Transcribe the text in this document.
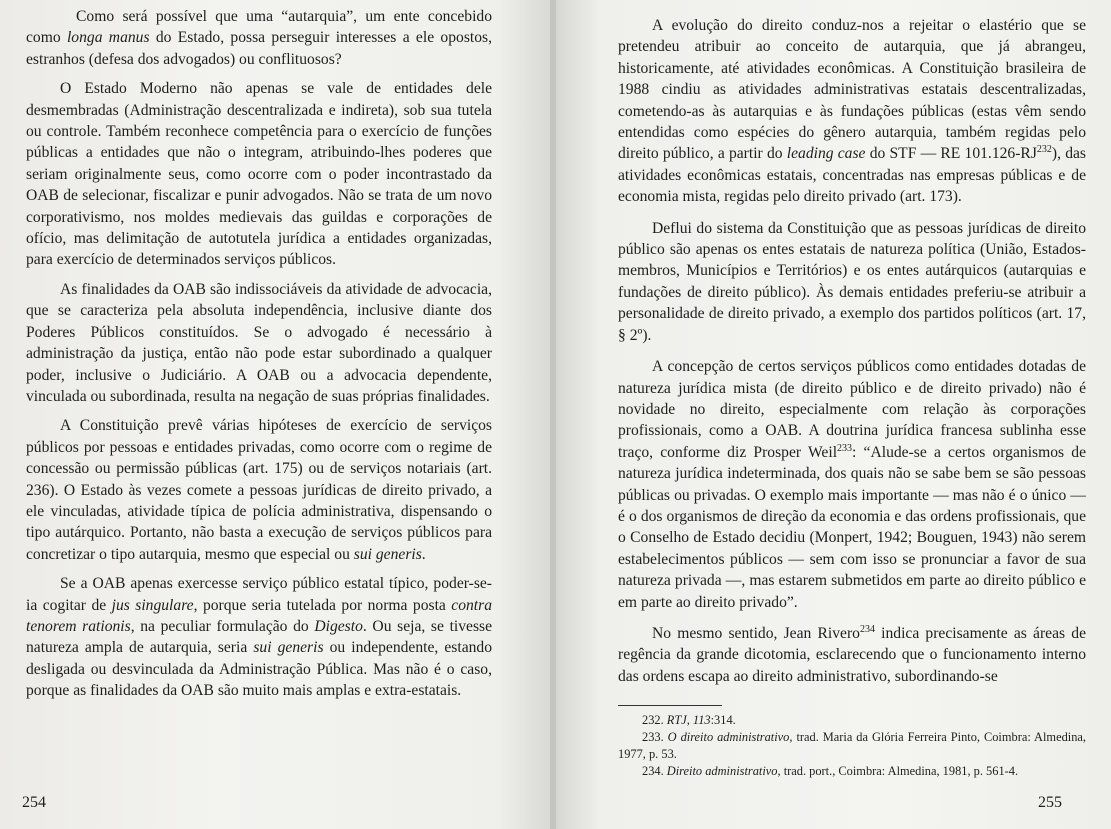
Como será possível que uma “autarquia”, um ente concebido como longa manus do Estado, possa perseguir interesses a ele opostos, estranhos (defesa dos advogados) ou conflituosos?

O Estado Moderno não apenas se vale de entidades dele desmembradas (Administração descentralizada e indireta), sob sua tutela ou controle. Também reconhece competência para o exercício de funções públicas a entidades que não o integram, atribuindo-lhes poderes que seriam originalmente seus, como ocorre com o poder incontrastado da OAB de selecionar, fiscalizar e punir advogados. Não se trata de um novo corporativismo, nos moldes medievais das guildas e corporações de ofício, mas delimitação de autotutela jurídica a entidades organizadas, para exercício de determinados serviços públicos.

As finalidades da OAB são indissociáveis da atividade de advocacia, que se caracteriza pela absoluta independência, inclusive diante dos Poderes Públicos constituídos. Se o advogado é necessário à administração da justiça, então não pode estar subordinado a qualquer poder, inclusive o Judiciário. A OAB ou a advocacia dependente, vinculada ou subordinada, resulta na negação de suas próprias finalidades.

A Constituição prevê várias hipóteses de exercício de serviços públicos por pessoas e entidades privadas, como ocorre com o regime de concessão ou permissão públicas (art. 175) ou de serviços notariais (art. 236). O Estado às vezes comete a pessoas jurídicas de direito privado, a ele vinculadas, atividade típica de polícia administrativa, dispensando o tipo autárquico. Portanto, não basta a execução de serviços públicos para concretizar o tipo autarquia, mesmo que especial ou sui generis.

Se a OAB apenas exercesse serviço público estatal típico, poder-se-ia cogitar de jus singulare, porque seria tutelada por norma posta contra tenorem rationis, na peculiar formulação do Digesto. Ou seja, se tivesse natureza ampla de autarquia, seria sui generis ou independente, estando desligada ou desvinculada da Administração Pública. Mas não é o caso, porque as finalidades da OAB são muito mais amplas e extra-estatais.

254

A evolução do direito conduz-nos a rejeitar o elastério que se pretendeu atribuir ao conceito de autarquia, que já abrangeu, historicamente, até atividades econômicas. A Constituição brasileira de 1988 cindiu as atividades administrativas estatais descentralizadas, cometendo-as às autarquias e às fundações públicas (estas vêm sendo entendidas como espécies do gênero autarquia, também regidas pelo direito público, a partir do leading case do STF — RE 101.126-RJ$^{232}$), das atividades econômicas estatais, concentradas nas empresas públicas e de economia mista, regidas pelo direito privado (art. 173).

Deflui do sistema da Constituição que as pessoas jurídicas de direito público são apenas os entes estatais de natureza política (União, Estados-membros, Municípios e Territórios) e os entes autárquicos (autarquias e fundações de direito público). Às demais entidades preferiu-se atribuir a personalidade de direito privado, a exemplo dos partidos políticos (art. 17, § 2º).

A concepção de certos serviços públicos como entidades dotadas de natureza jurídica mista (de direito público e de direito privado) não é novidade no direito, especialmente com relação às corporações profissionais, como a OAB. A doutrina jurídica francesa sublinha esse traço, conforme diz Prosper Weil$^{233}$: “Alude-se a certos organismos de natureza jurídica indeterminada, dos quais não se sabe bem se são pessoas públicas ou privadas. O exemplo mais importante — mas não é o único — é o dos organismos de direção da economia e das ordens profissionais, que o Conselho de Estado decidiu (Monpert, 1942; Bouguen, 1943) não serem estabelecimentos públicos — sem com isso se pronunciar a favor de sua natureza privada —, mas estarem submetidos em parte ao direito público e em parte ao direito privado”.

No mesmo sentido, Jean Rivero$^{234}$ indica precisamente as áreas de regência da grande dicotomia, esclarecendo que o funcionamento interno das ordens escapa ao direito administrativo, subordinando-se

232. RTJ, 113:314.

233. O direito administrativo, trad. Maria da Glória Ferreira Pinto, Coimbra: Almedina, 1977, p. 53.

234. Direito administrativo, trad. port., Coimbra: Almedina, 1981, p. 561-4.

255
